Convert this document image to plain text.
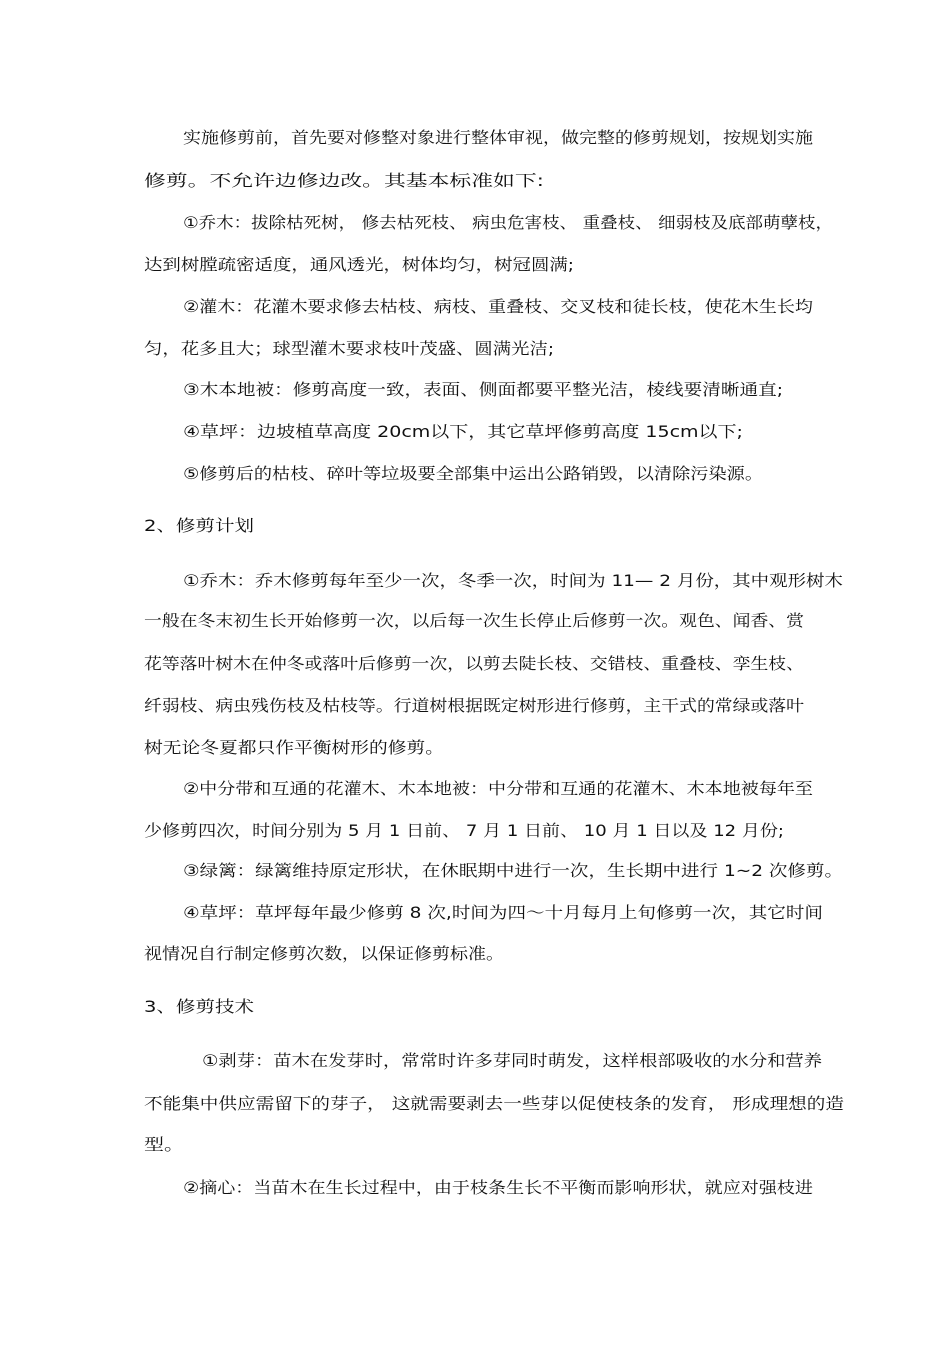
实施修剪前，首先要对修整对象进行整体审视，做完整的修剪规划，按规划实施
修剪。不允许边修边改。其基本标准如下:
①乔木：拔除枯死树， 修去枯死枝、 病虫危害枝、 重叠枝、 细弱枝及底部萌孽枝，
达到树膛疏密适度，通风透光，树体均匀，树冠圆满;
②灌木：花灌木要求修去枯枝、病枝、重叠枝、交叉枝和徒长枝，使花木生长均
匀，花多且大；球型灌木要求枝叶茂盛、圆满光洁;
③木本地被：修剪高度一致，表面、侧面都要平整光洁，棱线要清晰通直;
④草坪：边坡植草高度 20cm以下，其它草坪修剪高度 15cm以下;
⑤修剪后的枯枝、碎叶等垃圾要全部集中运出公路销毁，以清除污染源。
2、修剪计划
①乔木：乔木修剪每年至少一次，冬季一次，时间为 11— 2 月份，其中观形树木
一般在冬末初生长开始修剪一次，以后每一次生长停止后修剪一次。观色、闻香、赏
花等落叶树木在仲冬或落叶后修剪一次，以剪去陡长枝、交错枝、重叠枝、孪生枝、
纤弱枝、病虫残伤枝及枯枝等。行道树根据既定树形进行修剪，主干式的常绿或落叶
树无论冬夏都只作平衡树形的修剪。
②中分带和互通的花灌木、木本地被：中分带和互通的花灌木、木本地被每年至
少修剪四次，时间分别为 5 月 1 日前、 7 月 1 日前、 10 月 1 日以及 12 月份;
③绿篱：绿篱维持原定形状，在休眠期中进行一次，生长期中进行 1~2 次修剪。
④草坪：草坪每年最少修剪 8 次,时间为四～十月每月上旬修剪一次，其它时间
视情况自行制定修剪次数，以保证修剪标准。
3、修剪技术
①剥芽：苗木在发芽时，常常时许多芽同时萌发，这样根部吸收的水分和营养
不能集中供应需留下的芽子， 这就需要剥去一些芽以促使枝条的发育， 形成理想的造
型。
②摘心：当苗木在生长过程中，由于枝条生长不平衡而影响形状，就应对强枝进
